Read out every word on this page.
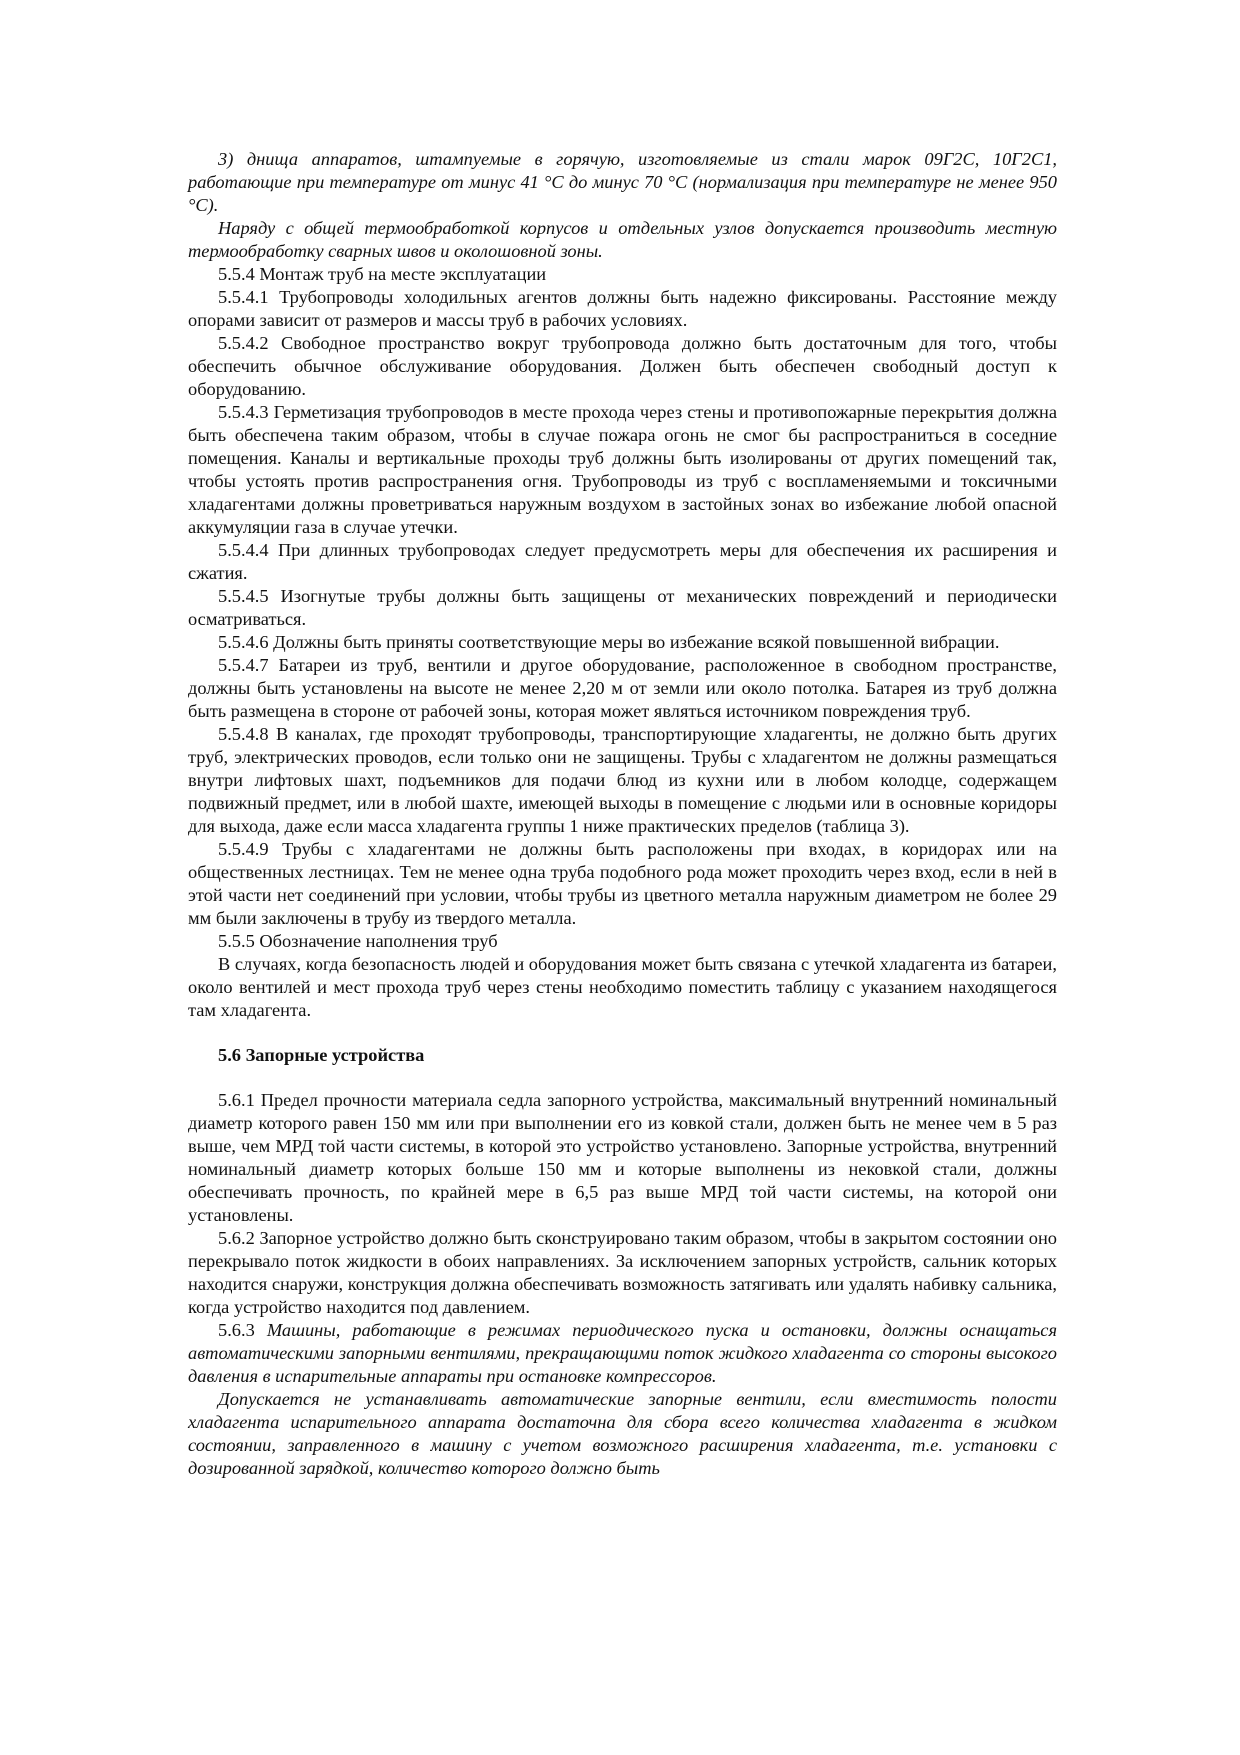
3) днища аппаратов, штампуемые в горячую, изготовляемые из стали марок 09Г2С, 10Г2С1, работающие при температуре от минус 41 °С до минус 70 °С (нормализация при температуре не менее 950 °С).

Наряду с общей термообработкой корпусов и отдельных узлов допускается производить местную термообработку сварных швов и околошовной зоны.

5.5.4 Монтаж труб на месте эксплуатации

5.5.4.1 Трубопроводы холодильных агентов должны быть надежно фиксированы. Расстояние между опорами зависит от размеров и массы труб в рабочих условиях.

5.5.4.2 Свободное пространство вокруг трубопровода должно быть достаточным для того, чтобы обеспечить обычное обслуживание оборудования. Должен быть обеспечен свободный доступ к оборудованию.

5.5.4.3 Герметизация трубопроводов в месте прохода через стены и противопожарные перекрытия должна быть обеспечена таким образом, чтобы в случае пожара огонь не смог бы распространиться в соседние помещения. Каналы и вертикальные проходы труб должны быть изолированы от других помещений так, чтобы устоять против распространения огня. Трубопроводы из труб с воспламеняемыми и токсичными хладагентами должны проветриваться наружным воздухом в застойных зонах во избежание любой опасной аккумуляции газа в случае утечки.

5.5.4.4 При длинных трубопроводах следует предусмотреть меры для обеспечения их расширения и сжатия.

5.5.4.5 Изогнутые трубы должны быть защищены от механических повреждений и периодически осматриваться.

5.5.4.6 Должны быть приняты соответствующие меры во избежание всякой повышенной вибрации.

5.5.4.7 Батареи из труб, вентили и другое оборудование, расположенное в свободном пространстве, должны быть установлены на высоте не менее 2,20 м от земли или около потолка. Батарея из труб должна быть размещена в стороне от рабочей зоны, которая может являться источником повреждения труб.

5.5.4.8 В каналах, где проходят трубопроводы, транспортирующие хладагенты, не должно быть других труб, электрических проводов, если только они не защищены. Трубы с хладагентом не должны размещаться внутри лифтовых шахт, подъемников для подачи блюд из кухни или в любом колодце, содержащем подвижный предмет, или в любой шахте, имеющей выходы в помещение с людьми или в основные коридоры для выхода, даже если масса хладагента группы 1 ниже практических пределов (таблица 3).

5.5.4.9 Трубы с хладагентами не должны быть расположены при входах, в коридорах или на общественных лестницах. Тем не менее одна труба подобного рода может проходить через вход, если в ней в этой части нет соединений при условии, чтобы трубы из цветного металла наружным диаметром не более 29 мм были заключены в трубу из твердого металла.

5.5.5 Обозначение наполнения труб

В случаях, когда безопасность людей и оборудования может быть связана с утечкой хладагента из батареи, около вентилей и мест прохода труб через стены необходимо поместить таблицу с указанием находящегося там хладагента.

5.6 Запорные устройства

5.6.1 Предел прочности материала седла запорного устройства, максимальный внутренний номинальный диаметр которого равен 150 мм или при выполнении его из ковкой стали, должен быть не менее чем в 5 раз выше, чем МРД той части системы, в которой это устройство установлено. Запорные устройства, внутренний номинальный диаметр которых больше 150 мм и которые выполнены из нековкой стали, должны обеспечивать прочность, по крайней мере в 6,5 раз выше МРД той части системы, на которой они установлены.

5.6.2 Запорное устройство должно быть сконструировано таким образом, чтобы в закрытом состоянии оно перекрывало поток жидкости в обоих направлениях. За исключением запорных устройств, сальник которых находится снаружи, конструкция должна обеспечивать возможность затягивать или удалять набивку сальника, когда устройство находится под давлением.

5.6.3 Машины, работающие в режимах периодического пуска и остановки, должны оснащаться автоматическими запорными вентилями, прекращающими поток жидкого хладагента со стороны высокого давления в испарительные аппараты при остановке компрессоров.

Допускается не устанавливать автоматические запорные вентили, если вместимость полости хладагента испарительного аппарата достаточна для сбора всего количества хладагента в жидком состоянии, заправленного в машину с учетом возможного расширения хладагента, т.е. установки с дозированной зарядкой, количество которого должно быть
